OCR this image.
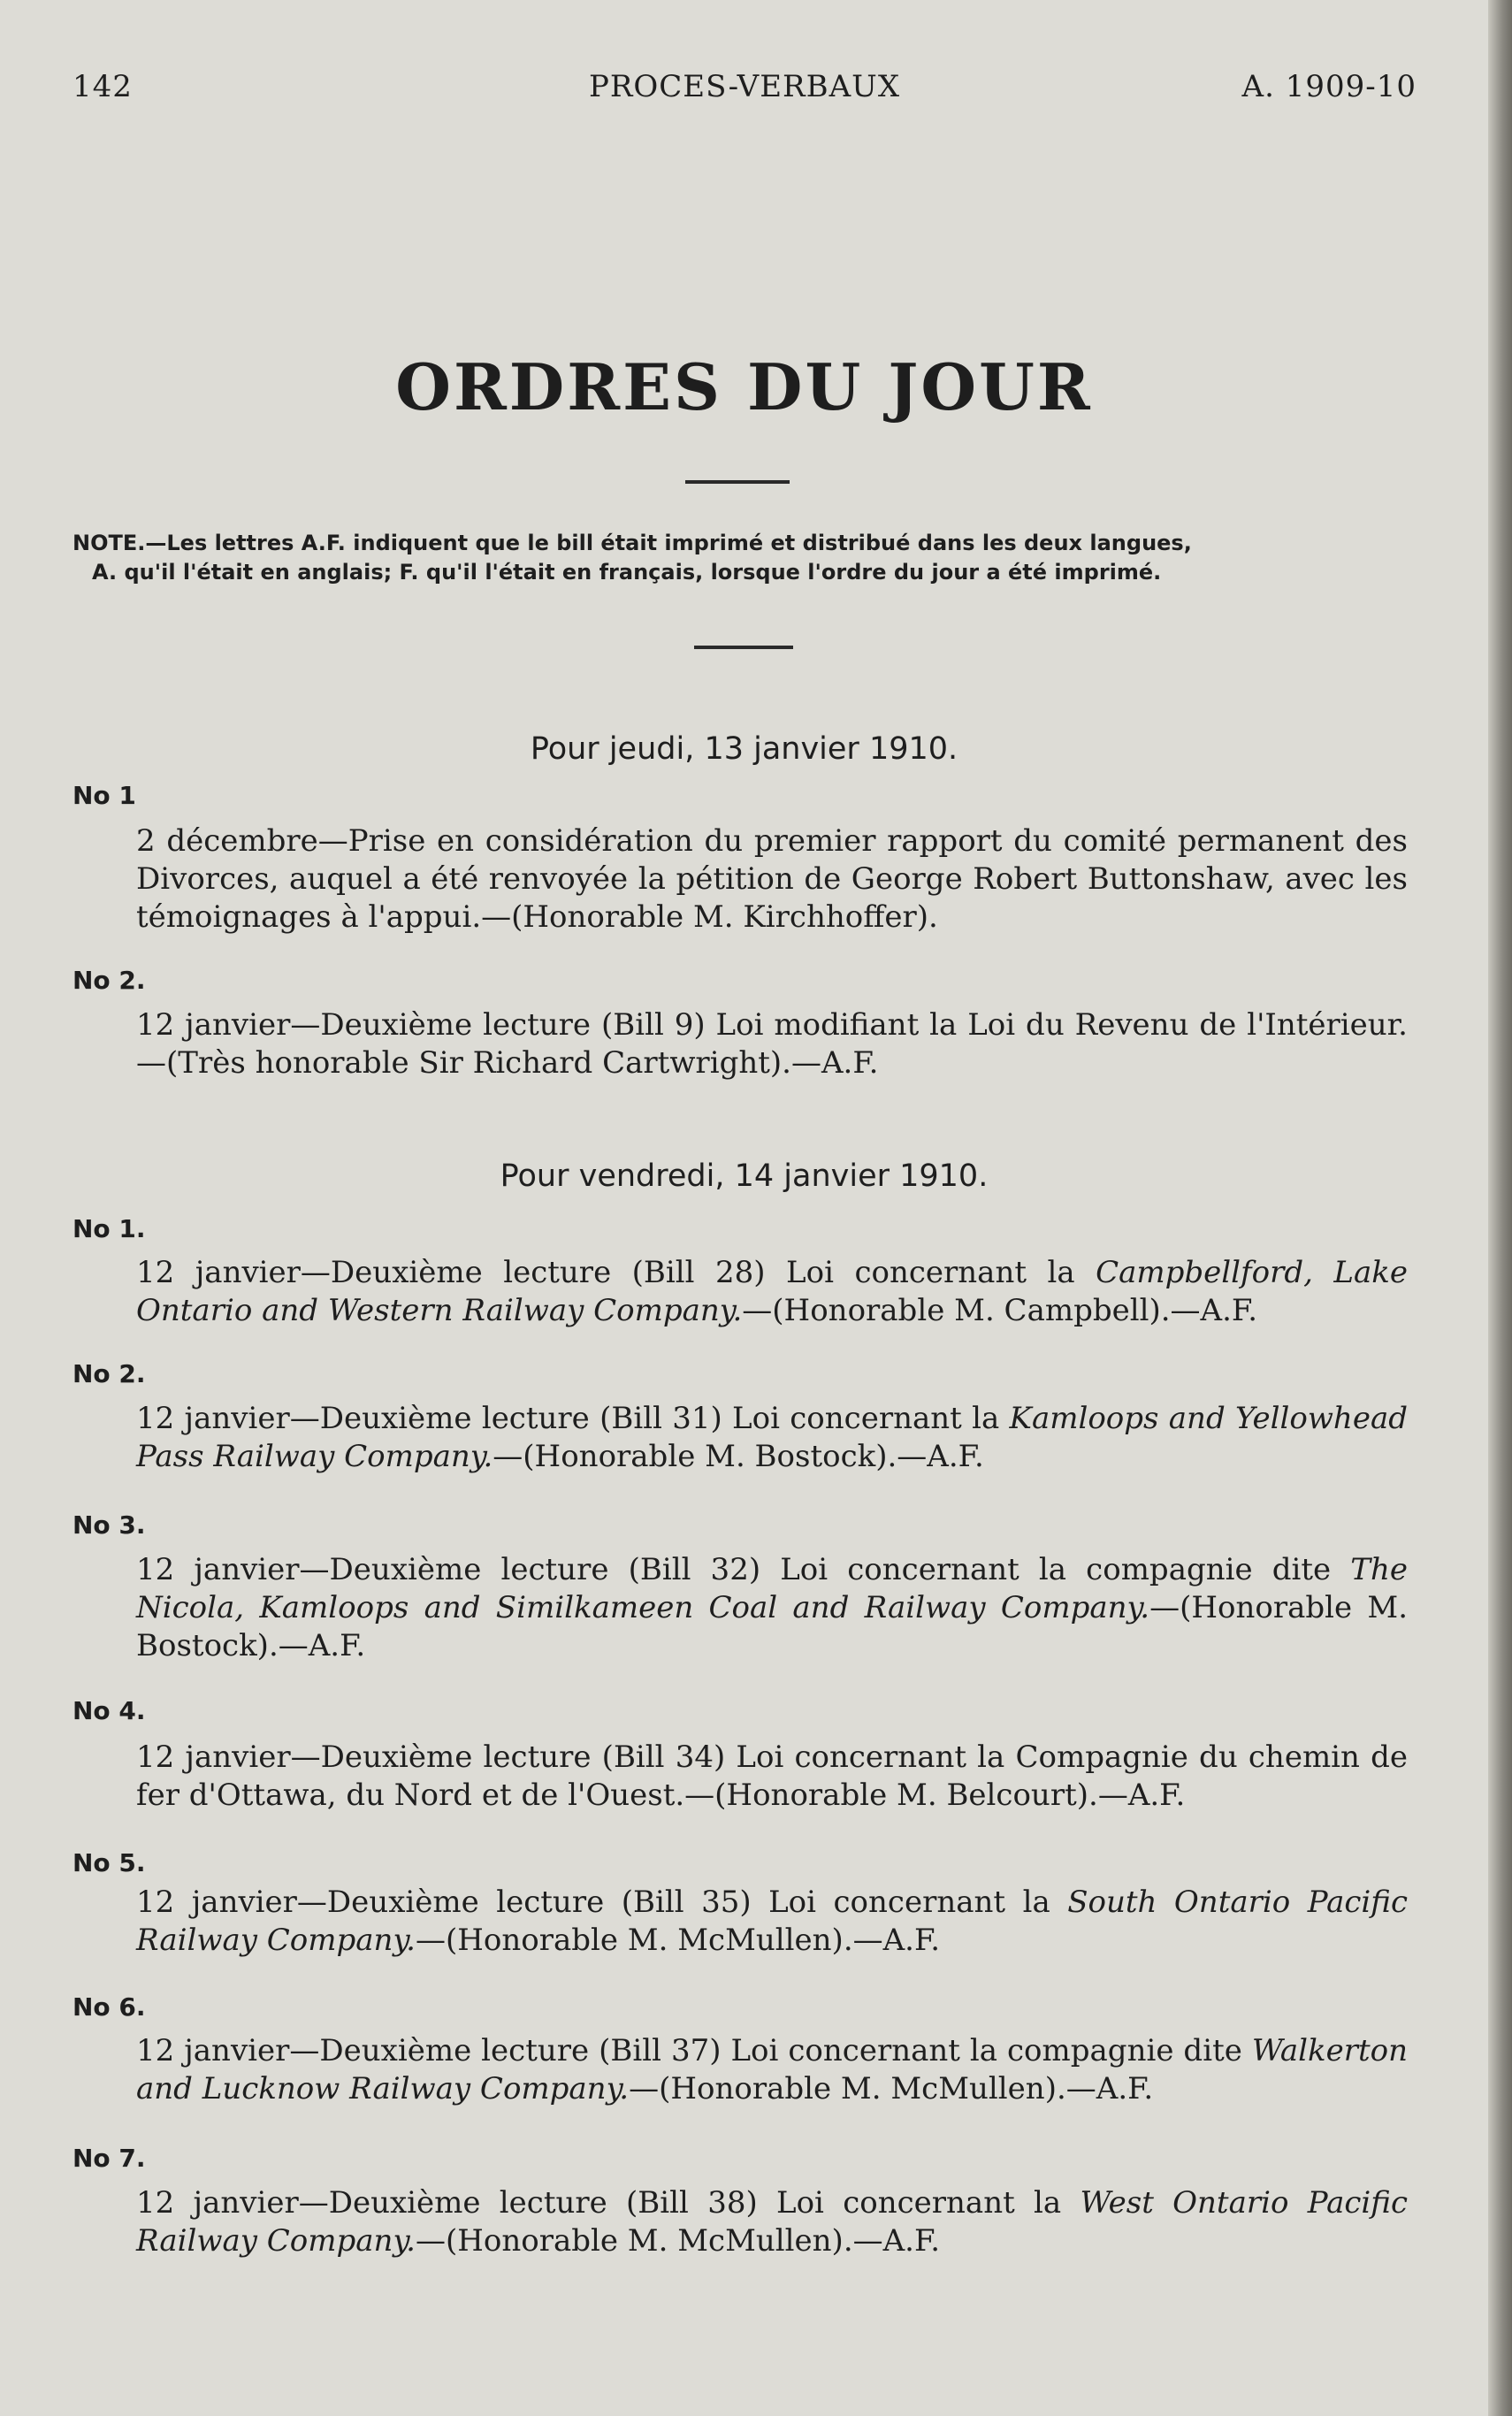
142	PROCES-VERBAUX	A. 1909-10
ORDRES DU JOUR
NOTE.—Les lettres A.F. indiquent que le bill était imprimé et distribué dans les deux langues,
A. qu'il l'était en anglais; F. qu'il l'était en français, lorsque l'ordre du jour a été imprimé.
Pour jeudi, 13 janvier 1910.
No 1
2 décembre—Prise en considération du premier rapport du comité permanent des Divorces, auquel a été renvoyée la pétition de George Robert Buttonshaw, avec les témoignages à l'appui.—(Honorable M. Kirchhoffer).
No 2.
12 janvier—Deuxième lecture (Bill 9) Loi modifiant la Loi du Revenu de l'Intérieur.—(Très honorable Sir Richard Cartwright).—A.F.
Pour vendredi, 14 janvier 1910.
No 1.
12 janvier—Deuxième lecture (Bill 28) Loi concernant la Campbellford, Lake Ontario and Western Railway Company.—(Honorable M. Campbell).—A.F.
No 2.
12 janvier—Deuxième lecture (Bill 31) Loi concernant la Kamloops and Yellowhead Pass Railway Company.—(Honorable M. Bostock).—A.F.
No 3.
12 janvier—Deuxième lecture (Bill 32) Loi concernant la compagnie dite The Nicola, Kamloops and Similkameen Coal and Railway Company.—(Honorable M. Bostock).—A.F.
No 4.
12 janvier—Deuxième lecture (Bill 34) Loi concernant la Compagnie du chemin de fer d'Ottawa, du Nord et de l'Ouest.—(Honorable M. Belcourt).—A.F.
No 5.
12 janvier—Deuxième lecture (Bill 35) Loi concernant la South Ontario Pacific Railway Company.—(Honorable M. McMullen).—A.F.
No 6.
12 janvier—Deuxième lecture (Bill 37) Loi concernant la compagnie dite Walkerton and Lucknow Railway Company.—(Honorable M. McMullen).—A.F.
No 7.
12 janvier—Deuxième lecture (Bill 38) Loi concernant la West Ontario Pacific Railway Company.—(Honorable M. McMullen).—A.F.
